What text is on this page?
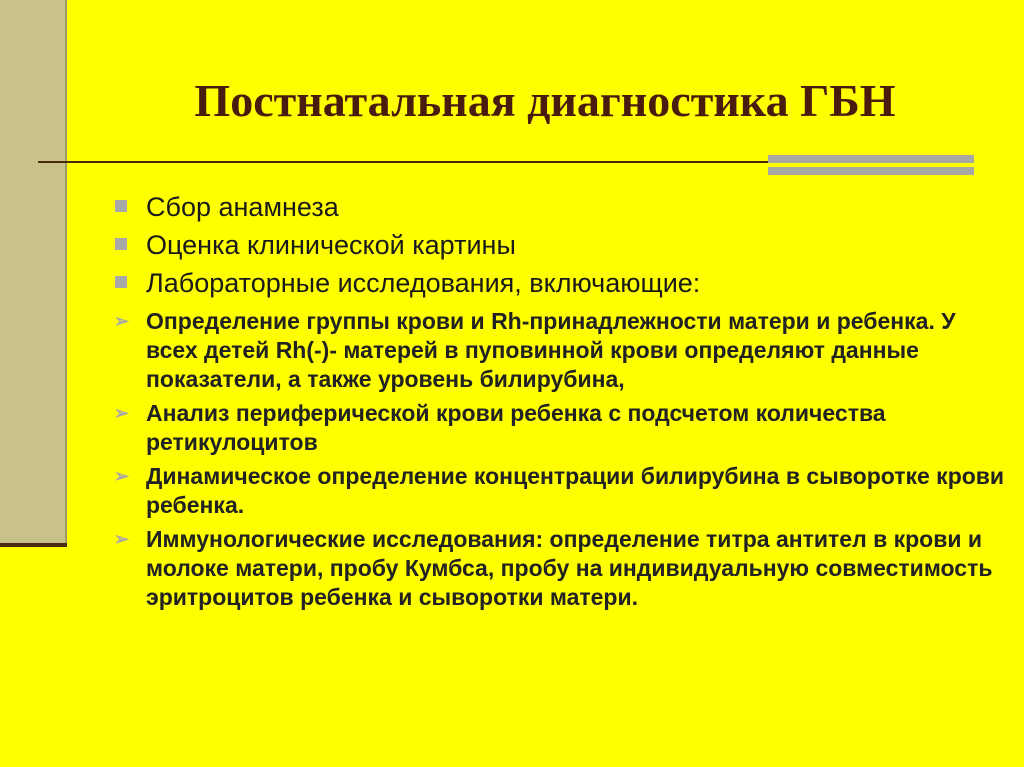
Постнатальная диагностика ГБН
Сбор анамнеза
Оценка клинической картины
Лабораторные исследования, включающие:
➢ Определение группы крови и Rh-принадлежности матери и ребенка. У всех детей Rh(-)- матерей в пуповинной крови определяют данные показатели, а также уровень билирубина,
➢ Анализ периферической крови ребенка с подсчетом количества ретикулоцитов
➢ Динамическое определение концентрации билирубина в сыворотке крови ребенка.
➢ Иммунологические исследования: определение титра антител в крови и молоке матери, пробу Кумбса, пробу на индивидуальную совместимость эритроцитов ребенка и сыворотки матери.
